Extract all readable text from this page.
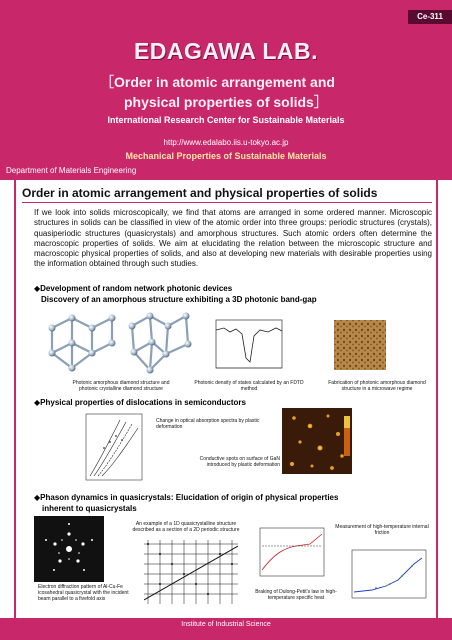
Ce-311
EDAGAWA LAB.
［Order in atomic arrangement and
physical properties of solids］
International Research Center for Sustainable Materials
http://www.edalabo.iis.u-tokyo.ac.jp
Mechanical Properties of Sustainable Materials
Department of Materials Engineering
Order in atomic arrangement and physical properties of solids
If we look into solids microscopically, we find that atoms are arranged in some ordered manner. Microscopic structures in solids can be classified in view of the atomic order into three groups: periodic structures (crystals), quasiperiodic structures (quasicrystals) and amorphous structures. Such atomic orders often determine the macroscopic properties of solids. We aim at elucidating the relation between the microscopic structure and macroscopic physical properties of solids, and also at developing new materials with desirable properties using the information obtained through such studies.
◆Development of random network photonic devices
Discovery of an amorphous structure exhibiting a 3D photonic band-gap
Photonic amorphous diamond structure and photonic crystalline diamond structure
Photonic density of states calculated by an FDTD method
Fabrication of photonic amorphous diamond structure in a microwave regime
◆Physical properties of dislocations in semiconductors
Change in optical absorption spectra by plastic deformation
Conductive spots on surface of GaN introduced by plastic deformation
◆Phason dynamics in quasicrystals: Elucidation of origin of physical properties
inherent to quasicrystals
An example of a 1D quasicrystalline structure described as a section of a 2D periodic structure	Measurement of high-temperature internal friction
Electron diffraction pattern of Al-Cu-Fe icosahedral quasicrystal with the incident beam parallel to a fivefold axis
Braking of Dulong-Petit's law in high-temperature specific heat
Institute of Industrial Science
